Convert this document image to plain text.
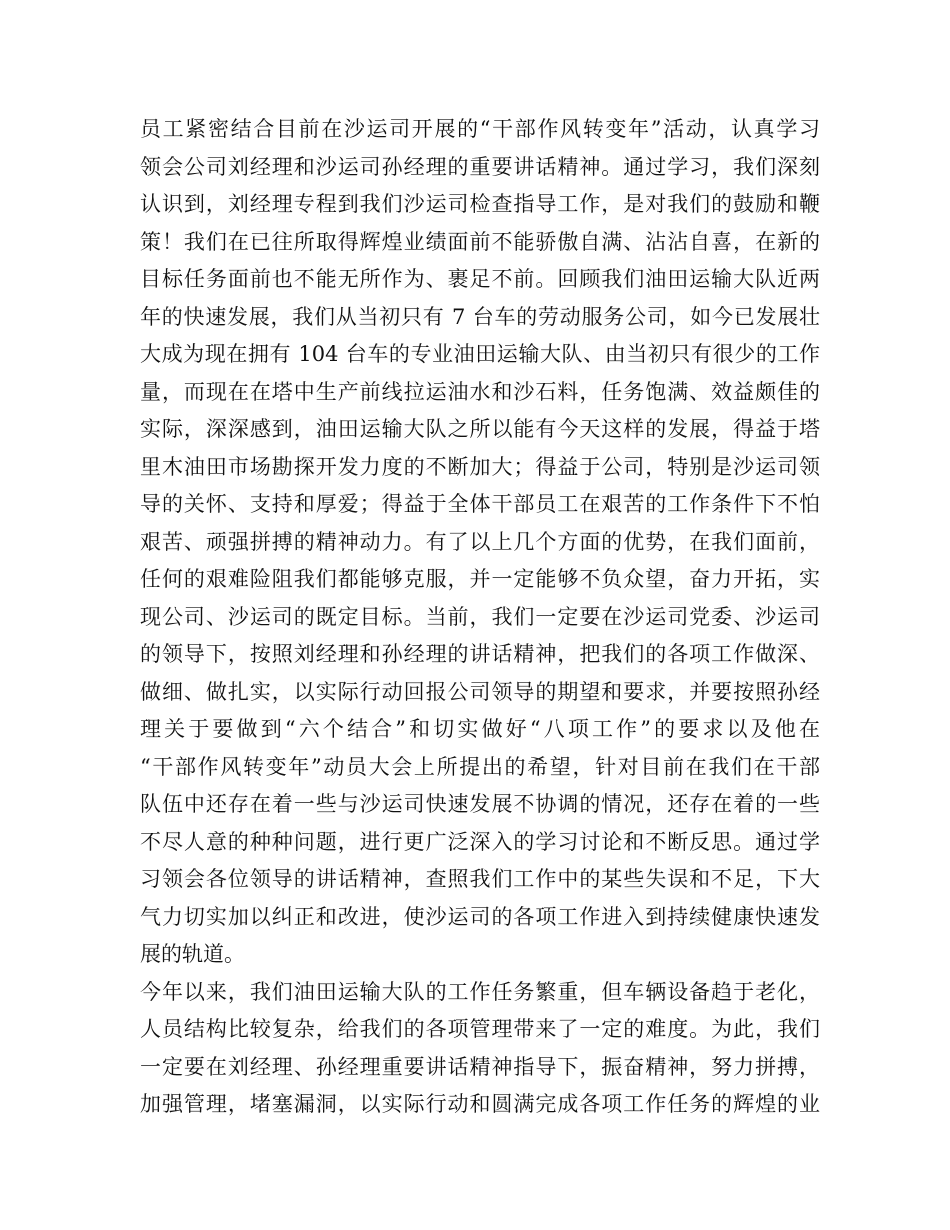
员工紧密结合目前在沙运司开展的“干部作风转变年”活动，认真学习
领会公司刘经理和沙运司孙经理的重要讲话精神。通过学习，我们深刻
认识到，刘经理专程到我们沙运司检查指导工作，是对我们的鼓励和鞭
策！我们在已往所取得辉煌业绩面前不能骄傲自满、沾沾自喜，在新的
目标任务面前也不能无所作为、裹足不前。回顾我们油田运输大队近两
年的快速发展，我们从当初只有 7 台车的劳动服务公司，如今已发展壮
大成为现在拥有 104 台车的专业油田运输大队、由当初只有很少的工作
量，而现在在塔中生产前线拉运油水和沙石料，任务饱满、效益颇佳的
实际，深深感到，油田运输大队之所以能有今天这样的发展，得益于塔
里木油田市场勘探开发力度的不断加大；得益于公司，特别是沙运司领
导的关怀、支持和厚爱；得益于全体干部员工在艰苦的工作条件下不怕
艰苦、顽强拼搏的精神动力。有了以上几个方面的优势，在我们面前，
任何的艰难险阻我们都能够克服，并一定能够不负众望，奋力开拓，实
现公司、沙运司的既定目标。当前，我们一定要在沙运司党委、沙运司
的领导下，按照刘经理和孙经理的讲话精神，把我们的各项工作做深、
做细、做扎实，以实际行动回报公司领导的期望和要求，并要按照孙经
理关于要做到“六个结合”和切实做好“八项工作”的要求以及他在
“干部作风转变年”动员大会上所提出的希望，针对目前在我们在干部
队伍中还存在着一些与沙运司快速发展不协调的情况，还存在着的一些
不尽人意的种种问题，进行更广泛深入的学习讨论和不断反思。通过学
习领会各位领导的讲话精神，查照我们工作中的某些失误和不足，下大
气力切实加以纠正和改进，使沙运司的各项工作进入到持续健康快速发
展的轨道。
今年以来，我们油田运输大队的工作任务繁重，但车辆设备趋于老化，
人员结构比较复杂，给我们的各项管理带来了一定的难度。为此，我们
一定要在刘经理、孙经理重要讲话精神指导下，振奋精神，努力拼搏，
加强管理，堵塞漏洞，以实际行动和圆满完成各项工作任务的辉煌的业
